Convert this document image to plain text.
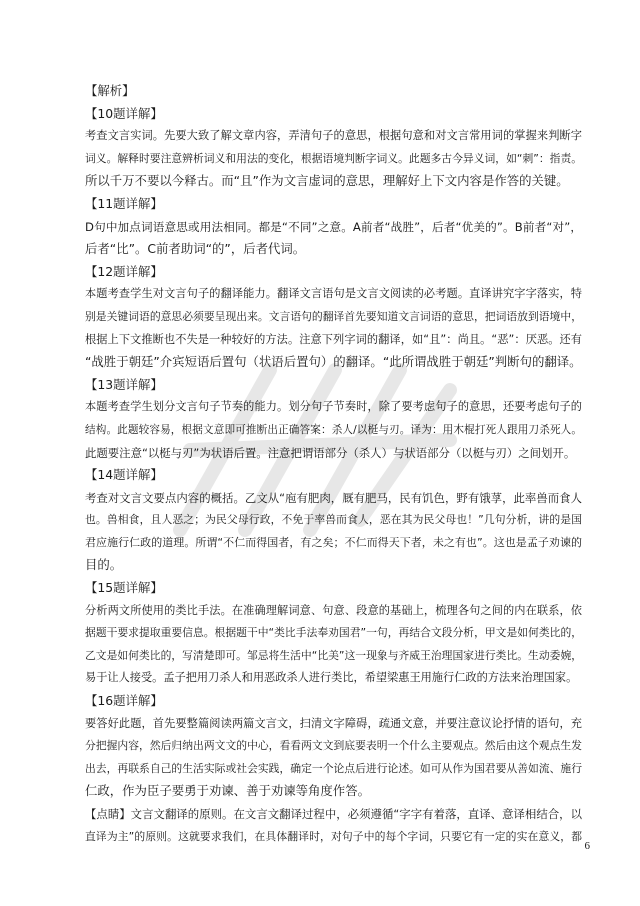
【解析】
【10题详解】
考查文言实词。先要大致了解文章内容，弄清句子的意思，根据句意和对文言常用词的掌握来判断字
词义。解释时要注意辨析词义和用法的变化，根据语境判断字词义。此题多古今异义词，如“刺”：指责。
所以千万不要以今释古。而“且”作为文言虚词的意思，理解好上下文内容是作答的关键。
【11题详解】
D句中加点词语意思或用法相同。都是“不同”之意。A前者“战胜”，后者“优美的”。B前者“对”，
后者“比”。C前者助词“的”，后者代词。
【12题详解】
本题考查学生对文言句子的翻译能力。翻译文言语句是文言文阅读的必考题。直译讲究字字落实，特
别是关键词语的意思必须要呈现出来。文言语句的翻译首先要知道文言词语的意思，把词语放到语境中，
根据上下文推断也不失是一种较好的方法。注意下列字词的翻译，如“且”：尚且。“恶”：厌恶。还有
“战胜于朝廷”介宾短语后置句（状语后置句）的翻译。“此所谓战胜于朝廷”判断句的翻译。
【13题详解】
本题考查学生划分文言句子节奏的能力。划分句子节奏时，除了要考虑句子的意思，还要考虑句子的
结构。此题较容易，根据文意即可推断出正确答案：杀人/以梃与刃。译为：用木棍打死人跟用刀杀死人。
此题要注意“以梃与刃”为状语后置。注意把谓语部分（杀人）与状语部分（以梃与刃）之间划开。
【14题详解】
考查对文言文要点内容的概括。乙文从“庖有肥肉，厩有肥马，民有饥色，野有饿莩，此率兽而食人
也。兽相食，且人恶之；为民父母行政，不免于率兽而食人，恶在其为民父母也！”几句分析，讲的是国
君应施行仁政的道理。所谓“不仁而得国者，有之矣；不仁而得天下者，未之有也”。这也是孟子劝谏的
目的。
【15题详解】
分析两文所使用的类比手法。在准确理解词意、句意、段意的基础上，梳理各句之间的内在联系，依
据题干要求提取重要信息。根据题干中“类比手法奉劝国君”一句，再结合文段分析，甲文是如何类比的，
乙文是如何类比的，写清楚即可。邹忌将生活中“比美”这一现象与齐威王治理国家进行类比。生动委婉，
易于让人接受。孟子把用刀杀人和用恶政杀人进行类比，希望梁惠王用施行仁政的方法来治理国家。
【16题详解】
要答好此题，首先要整篇阅读两篇文言文，扫清文字障碍，疏通文意，并要注意议论抒情的语句，充
分把握内容，然后归纳出两文文的中心，看看两文文到底要表明一个什么主要观点。然后由这个观点生发
出去，再联系自己的生活实际或社会实践，确定一个论点后进行论述。如可从作为国君要从善如流、施行
仁政，作为臣子要勇于劝谏、善于劝谏等角度作答。
【点睛】文言文翻译的原则。在文言文翻译过程中，必须遵循“字字有着落，直译、意译相结合，以
直译为主”的原则。这就要求我们，在具体翻译时，对句子中的每个字词，只要它有一定的实在意义，都
6
